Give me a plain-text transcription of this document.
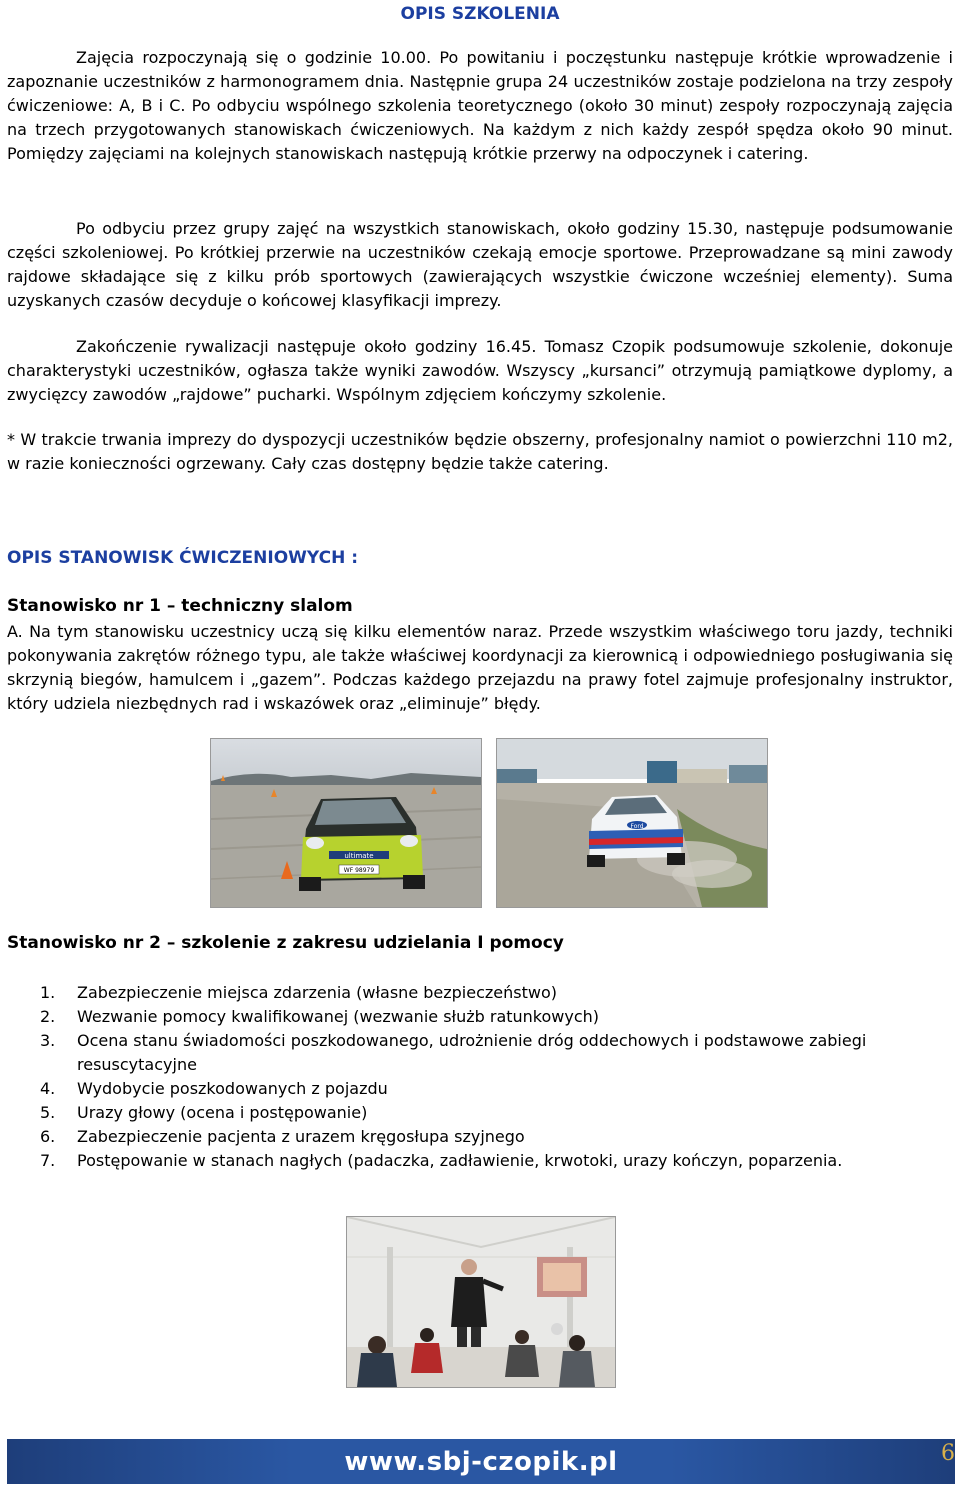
OPIS SZKOLENIA
Zajęcia rozpoczynają się o godzinie 10.00. Po powitaniu i poczęstunku następuje krótkie wprowadzenie i zapoznanie uczestników z harmonogramem dnia. Następnie grupa 24 uczestników zostaje podzielona na trzy zespoły ćwiczeniowe: A, B i C. Po odbyciu wspólnego szkolenia teoretycznego (około 30 minut) zespoły rozpoczynają zajęcia na trzech przygotowanych stanowiskach ćwiczeniowych. Na każdym z nich każdy zespół spędza około 90 minut. Pomiędzy zajęciami na kolejnych stanowiskach następują krótkie przerwy na odpoczynek i catering.
Po odbyciu przez grupy zajęć na wszystkich stanowiskach, około godziny 15.30, następuje podsumowanie części szkoleniowej. Po krótkiej przerwie na uczestników czekają emocje sportowe. Przeprowadzane są mini zawody rajdowe składające się z kilku prób sportowych (zawierających wszystkie ćwiczone wcześniej elementy). Suma uzyskanych czasów decyduje o końcowej klasyfikacji imprezy.
Zakończenie rywalizacji następuje około godziny 16.45. Tomasz Czopik podsumowuje szkolenie, dokonuje charakterystyki uczestników, ogłasza także wyniki zawodów. Wszyscy „kursanci” otrzymują pamiątkowe dyplomy, a zwycięzcy zawodów „rajdowe” pucharki. Wspólnym zdjęciem kończymy szkolenie.
* W trakcie trwania imprezy do dyspozycji uczestników będzie obszerny, profesjonalny namiot o powierzchni 110 m2, w razie konieczności ogrzewany. Cały czas dostępny będzie także catering.
OPIS STANOWISK ĆWICZENIOWYCH :
Stanowisko nr 1 – techniczny slalom
A. Na tym stanowisku uczestnicy uczą się kilku elementów naraz. Przede wszystkim właściwego toru jazdy, techniki pokonywania zakrętów różnego typu, ale także właściwej koordynacji za kierownicą i odpowiedniego posługiwania się skrzynią biegów, hamulcem i „gazem”. Podczas każdego przejazdu na prawy fotel zajmuje profesjonalny instruktor, który udziela niezbędnych rad i wskazówek oraz „eliminuje” błędy.
ultimate
WF 98979
Ford
Stanowisko nr 2 – szkolenie z zakresu udzielania I pomocy
1. Zabezpieczenie miejsca zdarzenia (własne bezpieczeństwo)
2. Wezwanie pomocy kwalifikowanej (wezwanie służb ratunkowych)
3. Ocena stanu świadomości poszkodowanego, udrożnienie dróg oddechowych i podstawowe zabiegi resuscytacyjne
4. Wydobycie poszkodowanych z pojazdu
5. Urazy głowy (ocena i postępowanie)
6. Zabezpieczenie pacjenta z urazem kręgosłupa szyjnego
7. Postępowanie w stanach nagłych (padaczka, zadławienie, krwotoki, urazy kończyn, poparzenia.
www.sbj-czopik.pl	6
